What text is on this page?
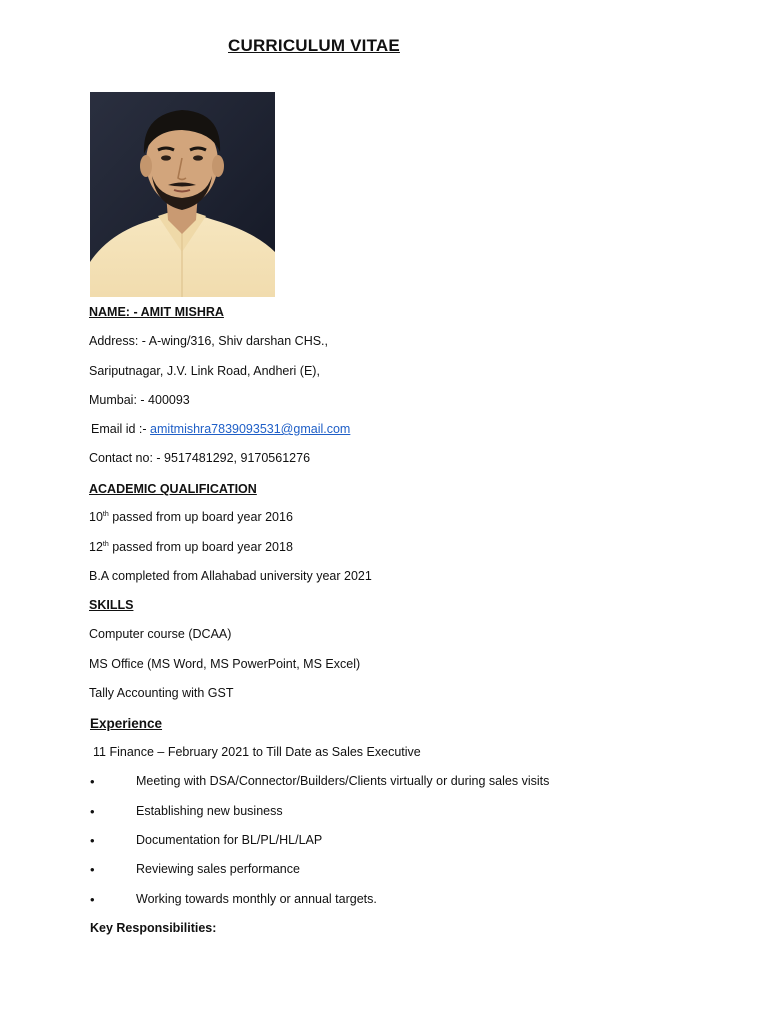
CURRICULUM VITAE
NAME: - AMIT MISHRA
Address: - A-wing/316, Shiv darshan CHS.,
Sariputnagar, J.V. Link Road, Andheri (E),
Mumbai: - 400093
Email id :- amitmishra7839093531@gmail.com
Contact no: - 9517481292, 9170561276
ACADEMIC QUALIFICATION
10th passed from up board year 2016
12th passed from up board year 2018
B.A completed from Allahabad university year 2021
SKILLS
Computer course (DCAA)
MS Office (MS Word, MS PowerPoint, MS Excel)
Tally Accounting with GST
Experience
11 Finance – February 2021 to Till Date as Sales Executive
•	Meeting with DSA/Connector/Builders/Clients virtually or during sales visits
•	Establishing new business
•	Documentation for BL/PL/HL/LAP
•	Reviewing sales performance
•	Working towards monthly or annual targets.
Key Responsibilities:
